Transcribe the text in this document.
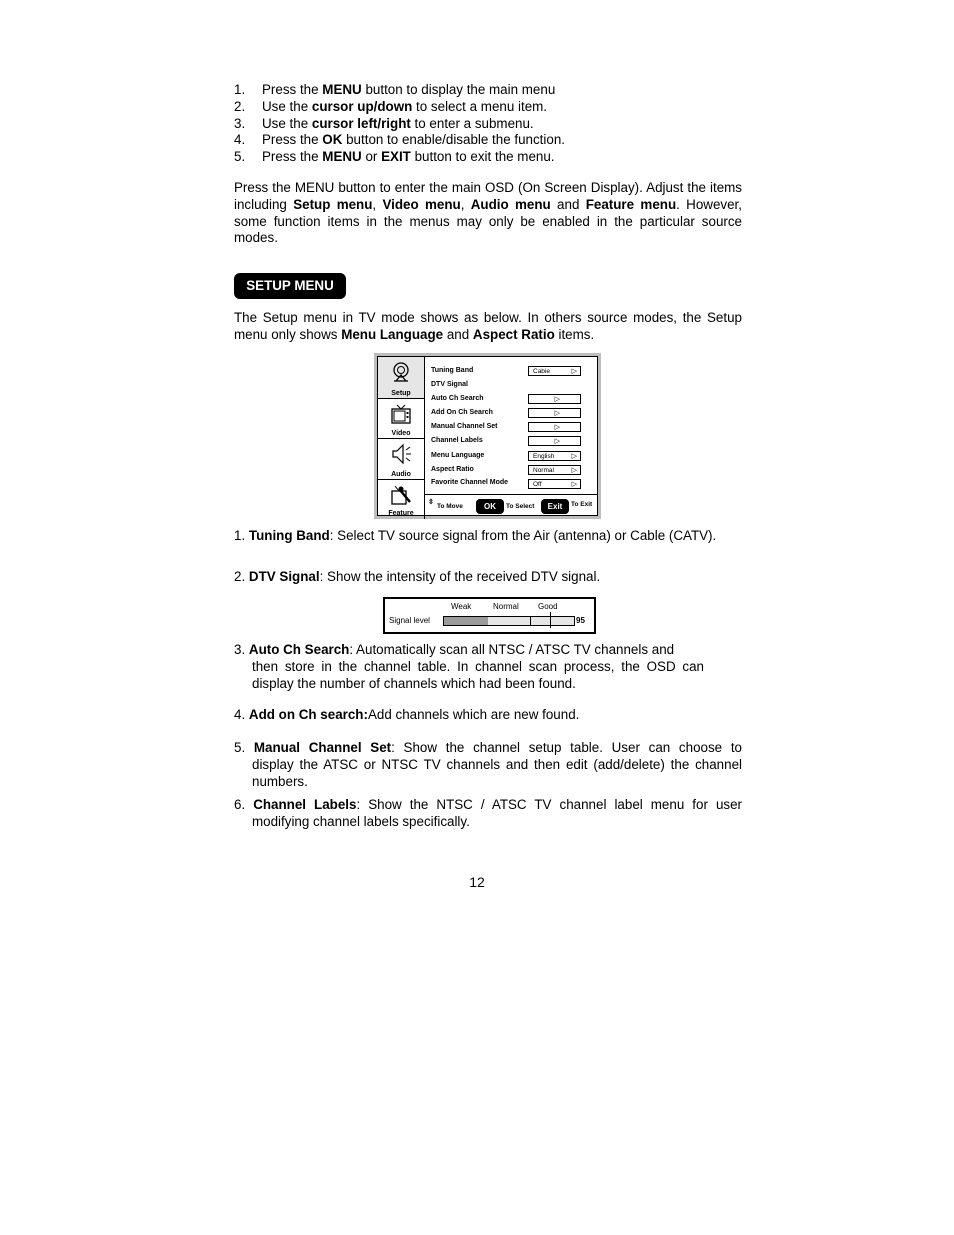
1. Press the MENU button to display the main menu
2. Use the cursor up/down to select a menu item.
3. Use the cursor left/right to enter a submenu.
4. Press the OK button to enable/disable the function.
5. Press the MENU or EXIT button to exit the menu.
Press the MENU button to enter the main OSD (On Screen Display). Adjust the items including Setup menu, Video menu, Audio menu and Feature menu. However, some function items in the menus may only be enabled in the particular source modes.
SETUP MENU
The Setup menu in TV mode shows as below. In others source modes, the Setup menu only shows Menu Language and Aspect Ratio items.
Setup
Video
Audio
Feature
Tuning Band	Cabie	▷
DTV Signal
Auto Ch Search	▷
Add On Ch Search	▷
Manual Channel Set	▷
Channel Labels	▷
Menu Language	English ▷
Aspect Ratio	Normal	▷
Favorite Channel Mode	Off	▷
⇳
To Move	OK	To Select	Exit	To Exit
1. Tuning Band: Select TV source signal from the Air (antenna) or Cable (CATV).
2. DTV Signal: Show the intensity of the received DTV signal.
Weak	Normal Good
Signal level	95
3. Auto Ch Search: Automatically scan all NTSC / ATSC TV channels and
then store in the channel table. In channel scan process, the OSD can display the number of channels which had been found.
4. Add on Ch search:Add channels which are new found.
5. Manual Channel Set: Show the channel setup table. User can choose to
display the ATSC or NTSC TV channels and then edit (add/delete) the channel numbers.
6. Channel Labels: Show the NTSC / ATSC TV channel label menu for user
modifying channel labels specifically.
12
